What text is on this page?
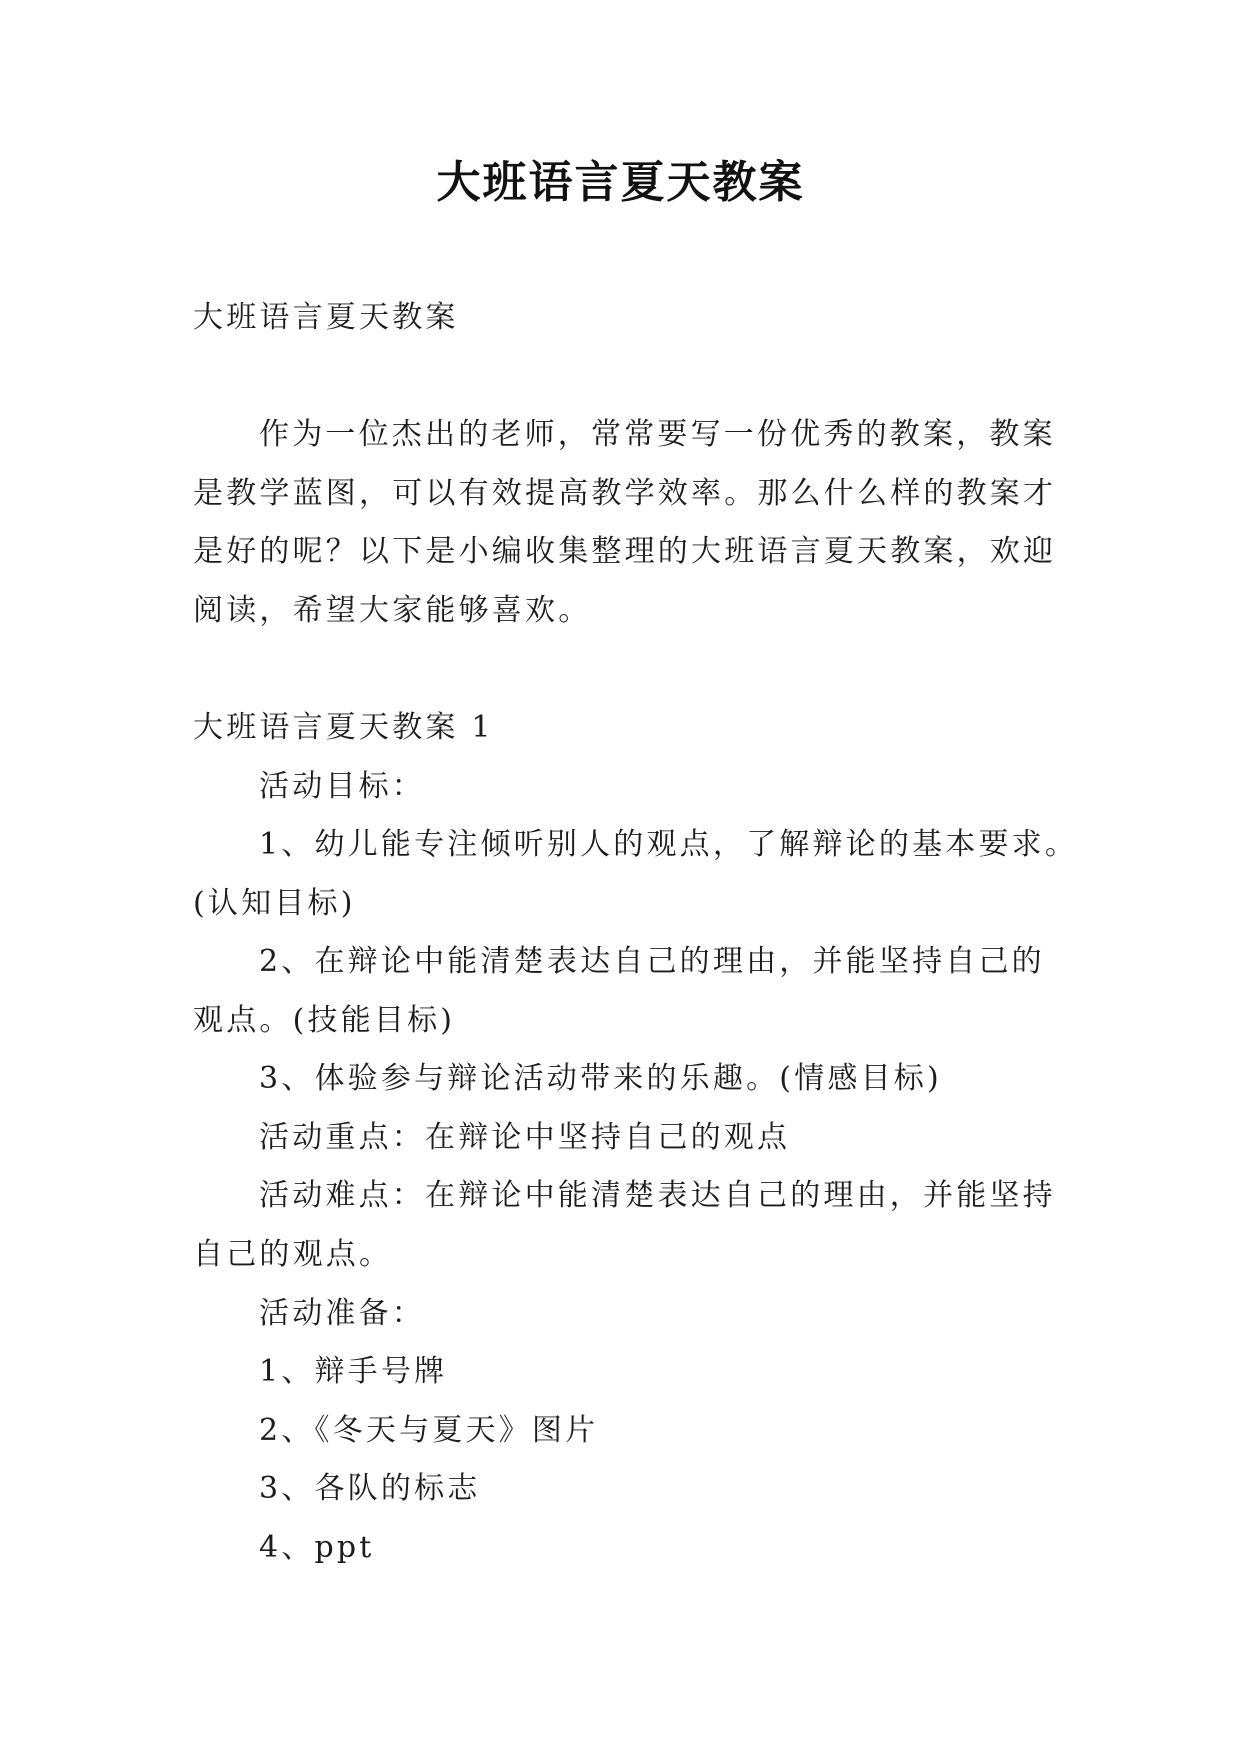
大班语言夏天教案
大班语言夏天教案
作为一位杰出的老师，常常要写一份优秀的教案，教案
是教学蓝图，可以有效提高教学效率。那么什么样的教案才
是好的呢？以下是小编收集整理的大班语言夏天教案，欢迎
阅读，希望大家能够喜欢。
大班语言夏天教案 1
活动目标：
1、幼儿能专注倾听别人的观点，了解辩论的基本要求。
(认知目标)
2、在辩论中能清楚表达自己的理由，并能坚持自己的
观点。(技能目标)
3、体验参与辩论活动带来的乐趣。(情感目标)
活动重点：在辩论中坚持自己的观点
活动难点：在辩论中能清楚表达自己的理由，并能坚持
自己的观点。
活动准备：
1、辩手号牌
2、《冬天与夏天》图片
3、各队的标志
4、ppt
